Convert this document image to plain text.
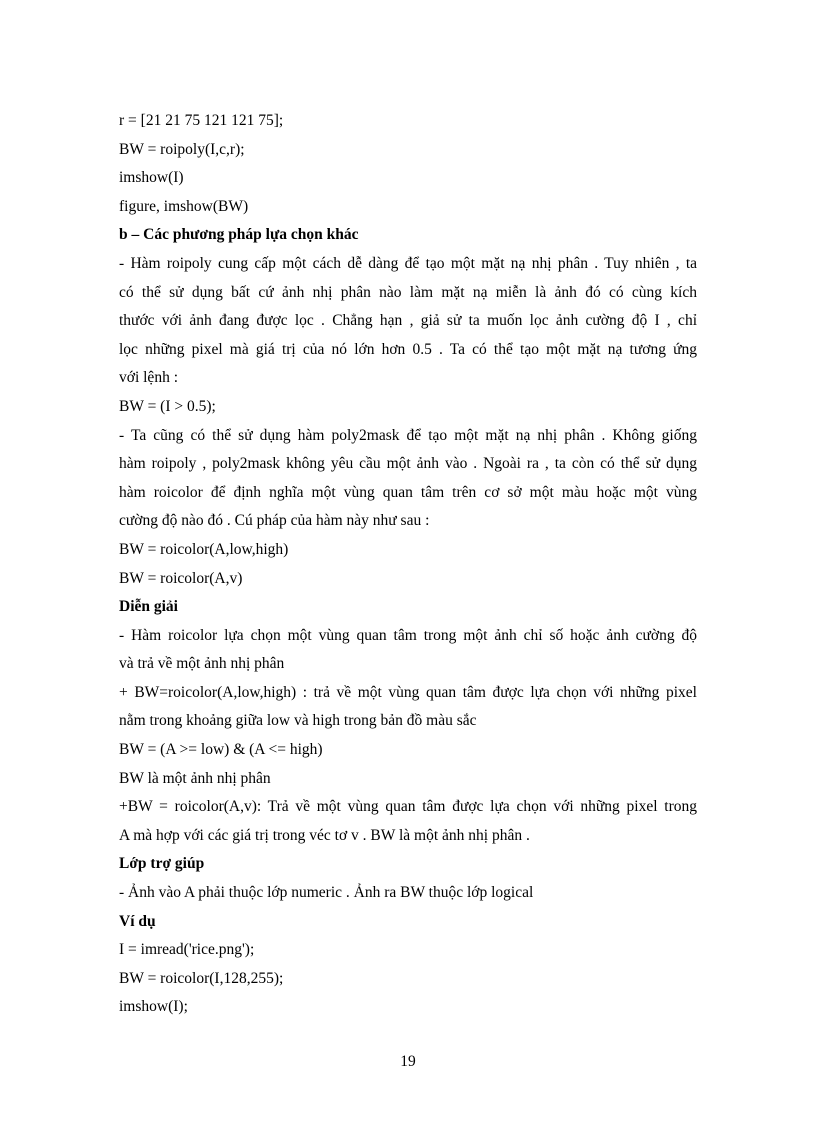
r = [21 21 75 121 121 75];
BW = roipoly(I,c,r);
imshow(I)
figure, imshow(BW)
b – Các phương pháp lựa chọn khác
- Hàm roipoly cung cấp một cách dễ dàng để tạo một mặt nạ nhị phân . Tuy nhiên , ta
có thể sử dụng bất cứ ảnh nhị phân nào làm mặt nạ miễn là ảnh đó có cùng kích
thước với ảnh đang được lọc . Chẳng hạn , giả sử ta muốn lọc ảnh cường độ I , chỉ
lọc những pixel mà giá trị của nó lớn hơn 0.5 . Ta có thể tạo một mặt nạ tương ứng
với lệnh :
BW = (I > 0.5);
- Ta cũng có thể sử dụng hàm poly2mask để tạo một mặt nạ nhị phân . Không giống
hàm roipoly , poly2mask không yêu cầu một ảnh vào . Ngoài ra , ta còn có thể sử dụng
hàm roicolor để định nghĩa một vùng quan tâm trên cơ sở một màu hoặc một vùng
cường độ nào đó . Cú pháp của hàm này như sau :
BW = roicolor(A,low,high)
BW = roicolor(A,v)
Diễn giải
- Hàm roicolor lựa chọn một vùng quan tâm trong một ảnh chỉ số hoặc ảnh cường độ
và trả về một ảnh nhị phân
+ BW=roicolor(A,low,high) : trả về một vùng quan tâm được lựa chọn với những pixel
nằm trong khoảng giữa low và high trong bản đồ màu sắc
BW = (A >= low) & (A <= high)
BW là một ảnh nhị phân
+BW = roicolor(A,v): Trả về một vùng quan tâm được lựa chọn với những pixel trong
A mà hợp với các giá trị trong véc tơ v . BW là một ảnh nhị phân .
Lớp trợ giúp
- Ảnh vào A phải thuộc lớp numeric . Ảnh ra BW thuộc lớp logical
Ví dụ
I = imread('rice.png');
BW = roicolor(I,128,255);
imshow(I);
19
